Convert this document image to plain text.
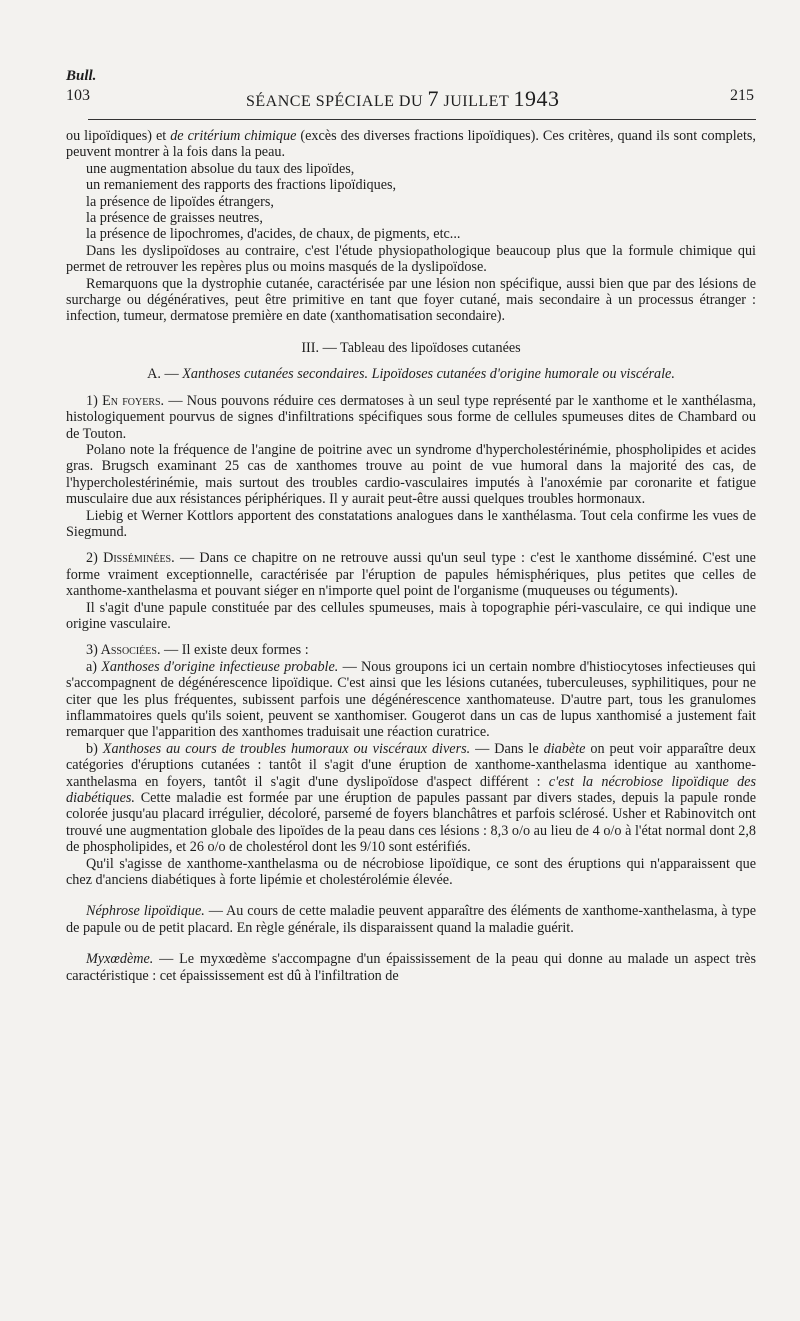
Bull.
103	SÉANCE SPÉCIALE DU 7 JUILLET 1943	215

ou lipoïdiques) et de critérium chimique (excès des diverses fractions lipoïdiques). Ces critères, quand ils sont complets, peuvent montrer à la fois dans la peau.

une augmentation absolue du taux des lipoïdes,

un remaniement des rapports des fractions lipoïdiques,

la présence de lipoïdes étrangers,

la présence de graisses neutres,

la présence de lipochromes, d'acides, de chaux, de pigments, etc...

Dans les dyslipoïdoses au contraire, c'est l'étude physiopathologique beaucoup plus que la formule chimique qui permet de retrouver les repères plus ou moins masqués de la dyslipoïdose.

Remarquons que la dystrophie cutanée, caractérisée par une lésion non spécifique, aussi bien que par des lésions de surcharge ou dégénératives, peut être primitive en tant que foyer cutané, mais secondaire à un processus étranger : infection, tumeur, dermatose première en date (xanthomatisation secondaire).

III. — Tableau des lipoïdoses cutanées

A. — Xanthoses cutanées secondaires. Lipoïdoses cutanées d'origine humorale ou viscérale.

1) En foyers. — Nous pouvons réduire ces dermatoses à un seul type représenté par le xanthome et le xanthélasma, histologiquement pourvus de signes d'infiltrations spécifiques sous forme de cellules spumeuses dites de Chambard ou de Touton.

Polano note la fréquence de l'angine de poitrine avec un syndrome d'hypercholestérinémie, phospholipides et acides gras. Brugsch examinant 25 cas de xanthomes trouve au point de vue humoral dans la majorité des cas, de l'hypercholestérinémie, mais surtout des troubles cardio-vasculaires imputés à l'anoxémie par coronarite et fatigue musculaire due aux résistances périphériques. Il y aurait peut-être aussi quelques troubles hormonaux.

Liebig et Werner Kottlors apportent des constatations analogues dans le xanthélasma. Tout cela confirme les vues de Siegmund.

2) Disséminées. — Dans ce chapitre on ne retrouve aussi qu'un seul type : c'est le xanthome disséminé. C'est une forme vraiment exceptionnelle, caractérisée par l'éruption de papules hémisphériques, plus petites que celles de xanthome-xanthelasma et pouvant siéger en n'importe quel point de l'organisme (muqueuses ou téguments).

Il s'agit d'une papule constituée par des cellules spumeuses, mais à topographie péri-vasculaire, ce qui indique une origine vasculaire.

3) Associées. — Il existe deux formes :

a) Xanthoses d'origine infectieuse probable. — Nous groupons ici un certain nombre d'histiocytoses infectieuses qui s'accompagnent de dégénérescence lipoïdique. C'est ainsi que les lésions cutanées, tuberculeuses, syphilitiques, pour ne citer que les plus fréquentes, subissent parfois une dégénérescence xanthomateuse. D'autre part, tous les granulomes inflammatoires quels qu'ils soient, peuvent se xanthomiser. Gougerot dans un cas de lupus xanthomisé a justement fait remarquer que l'apparition des xanthomes traduisait une réaction curatrice.

b) Xanthoses au cours de troubles humoraux ou viscéraux divers. — Dans le diabète on peut voir apparaître deux catégories d'éruptions cutanées : tantôt il s'agit d'une éruption de xanthome-xanthelasma identique au xanthome-xanthelasma en foyers, tantôt il s'agit d'une dyslipoïdose d'aspect différent : c'est la nécrobiose lipoïdique des diabétiques. Cette maladie est formée par une éruption de papules passant par divers stades, depuis la papule ronde colorée jusqu'au placard irrégulier, décoloré, parsemé de foyers blanchâtres et parfois sclérosé. Usher et Rabinovitch ont trouvé une augmentation globale des lipoïdes de la peau dans ces lésions : 8,3 o/o au lieu de 4 o/o à l'état normal dont 2,8 de phospholipides, et 26 o/o de cholestérol dont les 9/10 sont estérifiés.

Qu'il s'agisse de xanthome-xanthelasma ou de nécrobiose lipoïdique, ce sont des éruptions qui n'apparaissent que chez d'anciens diabétiques à forte lipémie et cholestérolémie élevée.

Néphrose lipoïdique. — Au cours de cette maladie peuvent apparaître des éléments de xanthome-xanthelasma, à type de papule ou de petit placard. En règle générale, ils disparaissent quand la maladie guérit.

Myxœdème. — Le myxœdème s'accompagne d'un épaississement de la peau qui donne au malade un aspect très caractéristique : cet épaississement est dû à l'infiltration de
